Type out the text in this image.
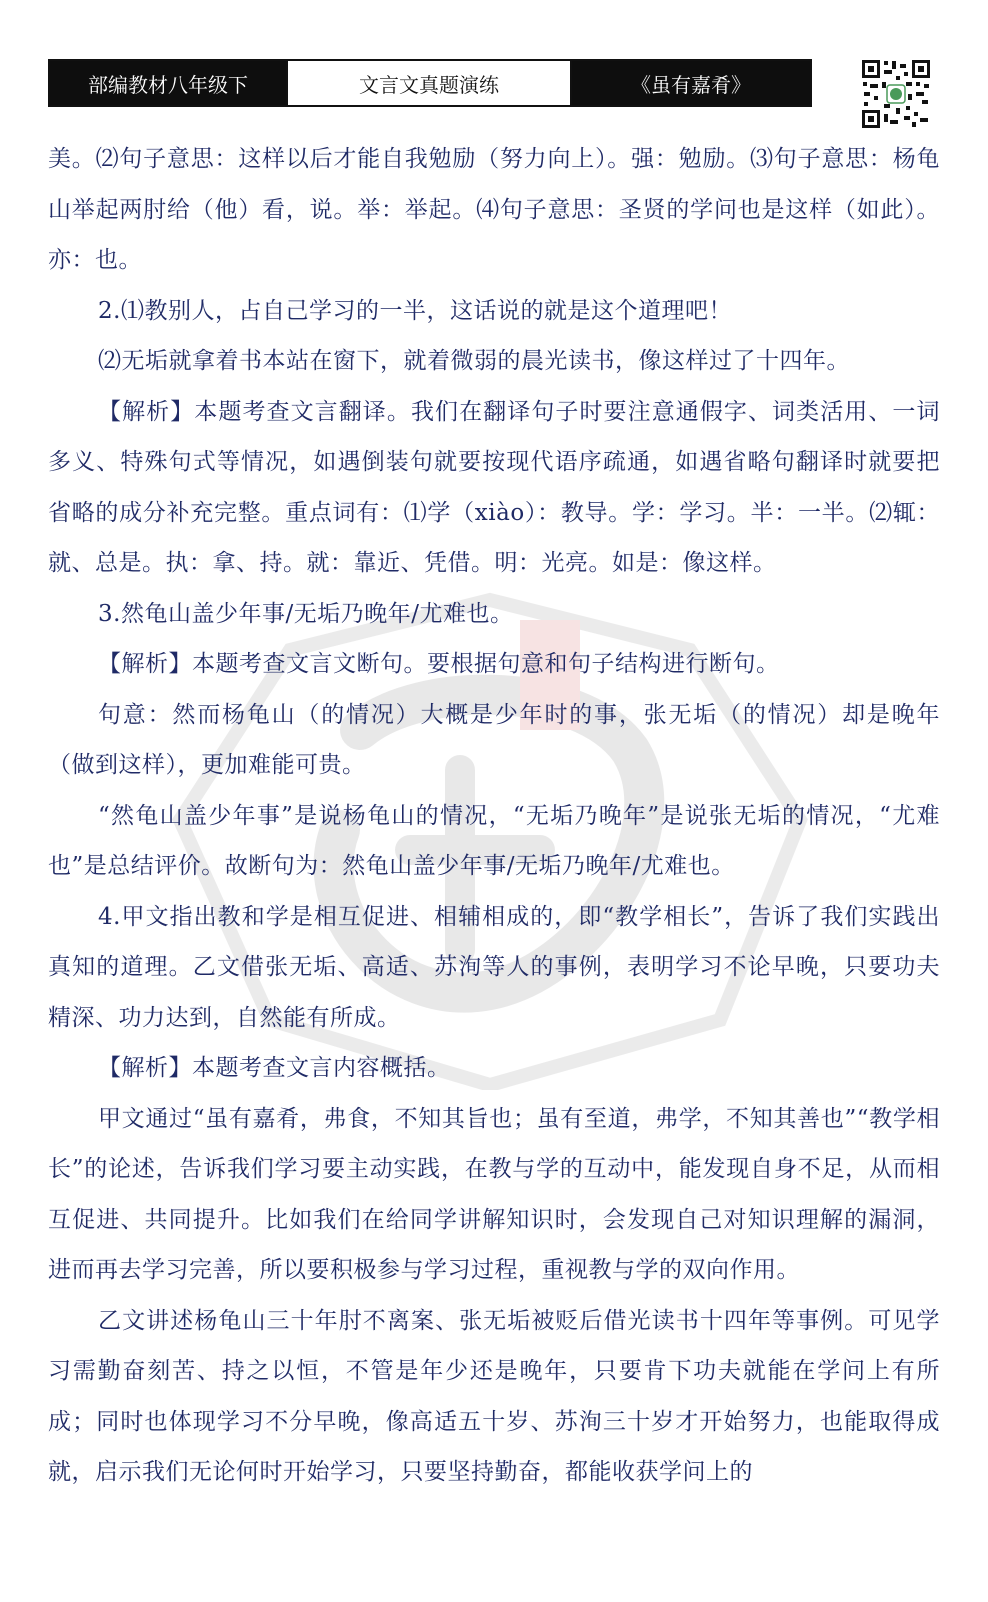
部编教材八年级下	文言文真题演练	《虽有嘉肴》

美。⑵句子意思：这样以后才能自我勉励（努力向上）。强：勉励。⑶句子意思：杨龟山举起两肘给（他）看，说。举：举起。⑷句子意思：圣贤的学问也是这样（如此）。亦：也。

2.⑴教别人，占自己学习的一半，这话说的就是这个道理吧！

⑵无垢就拿着书本站在窗下，就着微弱的晨光读书，像这样过了十四年。

【解析】本题考查文言翻译。我们在翻译句子时要注意通假字、词类活用、一词多义、特殊句式等情况，如遇倒装句就要按现代语序疏通，如遇省略句翻译时就要把省略的成分补充完整。重点词有：⑴学（xiào）：教导。学：学习。半：一半。⑵辄：就、总是。执：拿、持。就：靠近、凭借。明：光亮。如是：像这样。

3.然龟山盖少年事/无垢乃晚年/尤难也。

【解析】本题考查文言文断句。要根据句意和句子结构进行断句。

句意：然而杨龟山（的情况）大概是少年时的事，张无垢（的情况）却是晚年（做到这样），更加难能可贵。

“然龟山盖少年事”是说杨龟山的情况，“无垢乃晚年”是说张无垢的情况，“尤难也”是总结评价。故断句为：然龟山盖少年事/无垢乃晚年/尤难也。

4.甲文指出教和学是相互促进、相辅相成的，即“教学相长”，告诉了我们实践出真知的道理。乙文借张无垢、高适、苏洵等人的事例，表明学习不论早晚，只要功夫精深、功力达到，自然能有所成。

【解析】本题考查文言内容概括。

甲文通过“虽有嘉肴，弗食，不知其旨也；虽有至道，弗学，不知其善也”“教学相长”的论述，告诉我们学习要主动实践，在教与学的互动中，能发现自身不足，从而相互促进、共同提升。比如我们在给同学讲解知识时，会发现自己对知识理解的漏洞，进而再去学习完善，所以要积极参与学习过程，重视教与学的双向作用。

乙文讲述杨龟山三十年肘不离案、张无垢被贬后借光读书十四年等事例。可见学习需勤奋刻苦、持之以恒，不管是年少还是晚年，只要肯下功夫就能在学问上有所成；同时也体现学习不分早晚，像高适五十岁、苏洵三十岁才开始努力，也能取得成就，启示我们无论何时开始学习，只要坚持勤奋，都能收获学问上的
